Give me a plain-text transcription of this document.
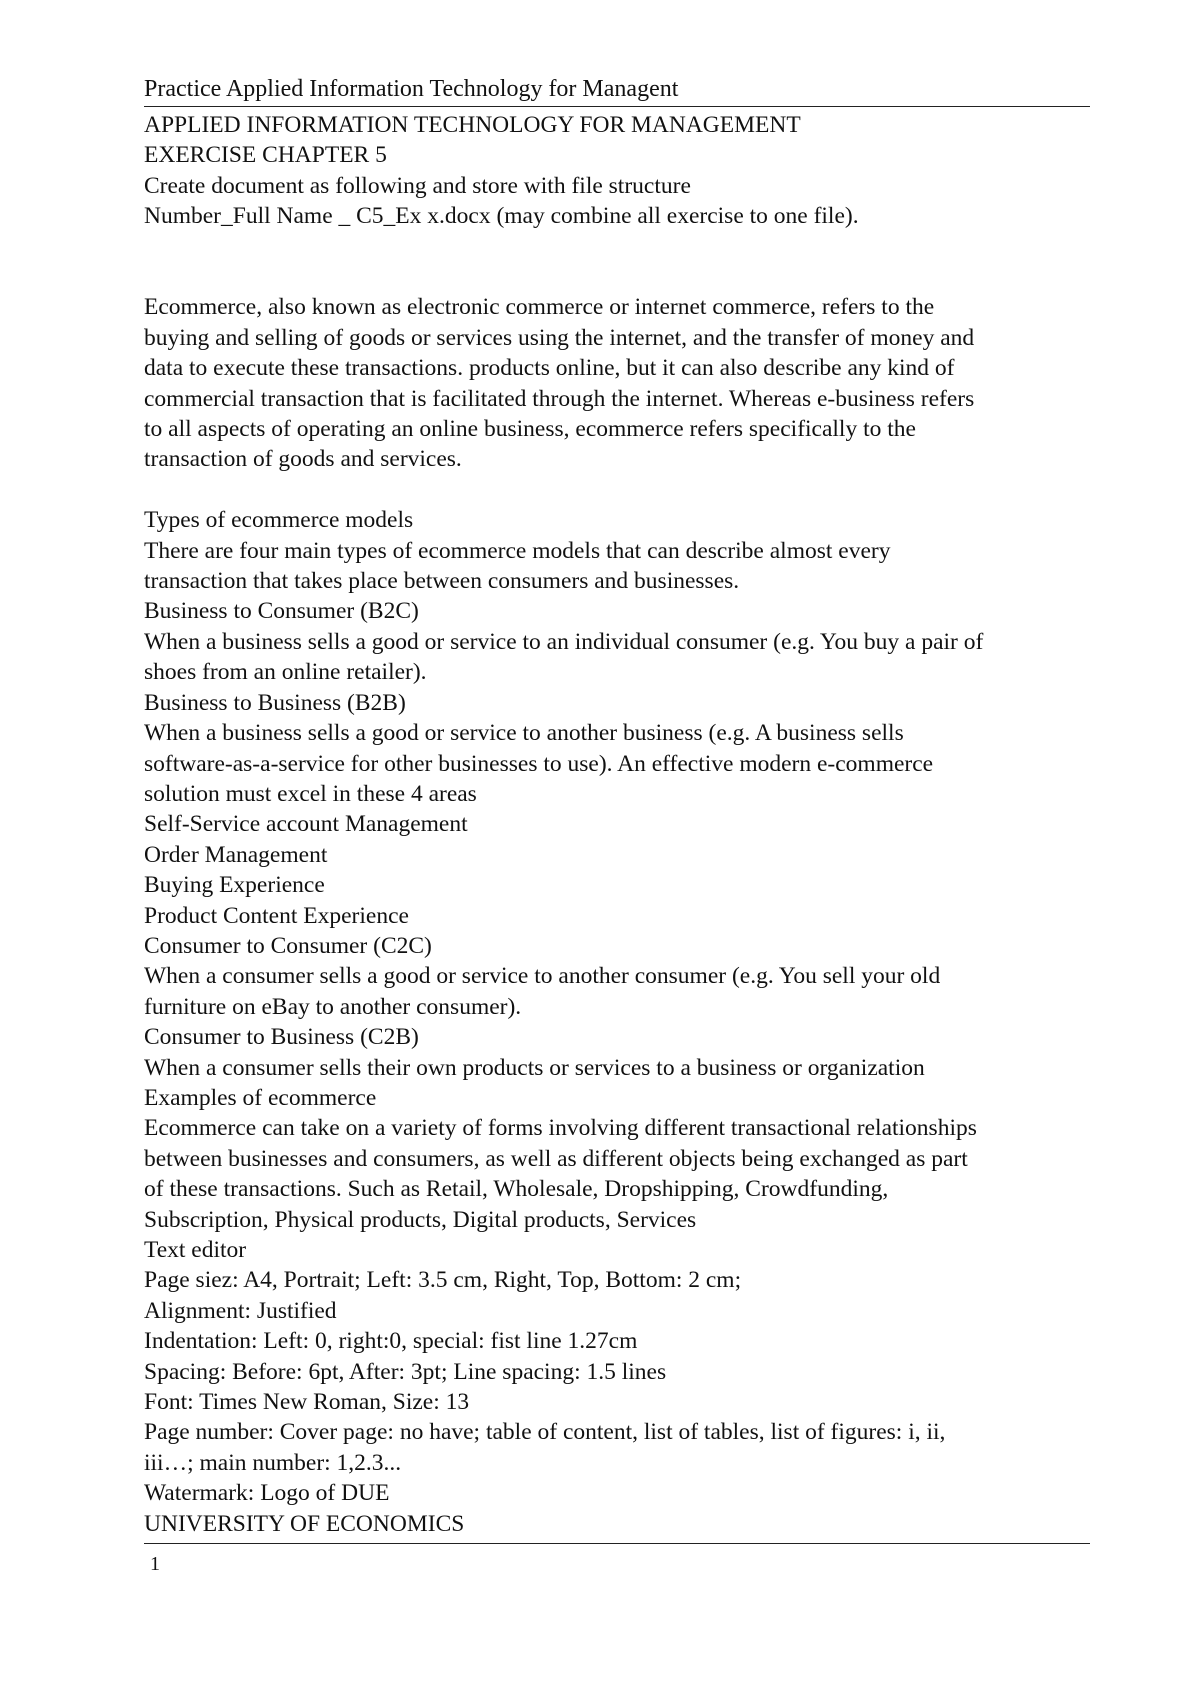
Practice Applied Information Technology for Managent
APPLIED INFORMATION TECHNOLOGY FOR MANAGEMENT
EXERCISE CHAPTER 5
Create document as following and store with file structure
Number_Full Name _ C5_Ex x.docx (may combine all exercise to one file).
Ecommerce, also known as electronic commerce or internet commerce, refers to the
buying and selling of goods or services using the internet, and the transfer of money and
data to execute these transactions. products online, but it can also describe any kind of
commercial transaction that is facilitated through the internet. Whereas e-business refers
to all aspects of operating an online business, ecommerce refers specifically to the
transaction of goods and services.
Types of ecommerce models
There are four main types of ecommerce models that can describe almost every
transaction that takes place between consumers and businesses.
Business to Consumer (B2C)
When a business sells a good or service to an individual consumer (e.g. You buy a pair of
shoes from an online retailer).
Business to Business (B2B)
When a business sells a good or service to another business (e.g. A business sells
software-as-a-service for other businesses to use). An effective modern e-commerce
solution must excel in these 4 areas
Self-Service account Management
Order Management
Buying Experience
Product Content Experience
Consumer to Consumer (C2C)
When a consumer sells a good or service to another consumer (e.g. You sell your old
furniture on eBay to another consumer).
Consumer to Business (C2B)
When a consumer sells their own products or services to a business or organization
Examples of ecommerce
Ecommerce can take on a variety of forms involving different transactional relationships
between businesses and consumers, as well as different objects being exchanged as part
of these transactions. Such as Retail, Wholesale, Dropshipping, Crowdfunding,
Subscription, Physical products, Digital products, Services
Text editor
Page siez: A4, Portrait; Left: 3.5 cm, Right, Top, Bottom: 2 cm;
Alignment: Justified
Indentation: Left: 0, right:0, special: fist line 1.27cm
Spacing: Before: 6pt, After: 3pt; Line spacing: 1.5 lines
Font: Times New Roman, Size: 13
Page number: Cover page: no have; table of content, list of tables, list of figures: i, ii,
iii…; main number: 1,2.3...
Watermark: Logo of DUE
UNIVERSITY OF ECONOMICS
1
